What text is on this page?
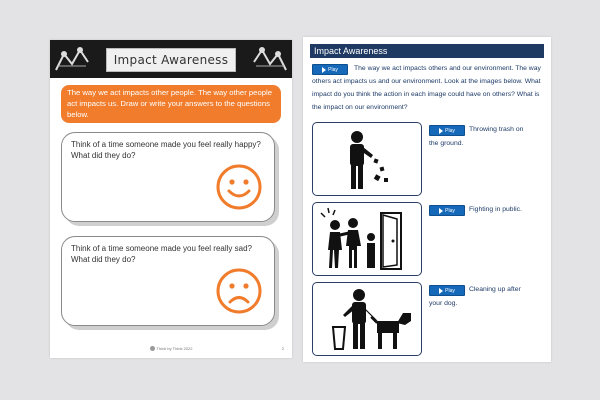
Impact Awareness
The way we act impacts other people. The way other people act impacts us. Draw or write your answers to the questions below.
Think of a time someone made you feel really happy? What did they do?
Think of a time someone made you feel really sad? What did they do?
Think by Think 2022	2
Impact Awareness
Play	The way we act impacts others and our environment. The way others act impacts us and our environment. Look at the images below. What impact do you think the action in each image could have on others? What is the impact on our environment?
Play	Throwing trash on
the ground.
Play	Fighting in public.
Play	Cleaning up after
your dog.
